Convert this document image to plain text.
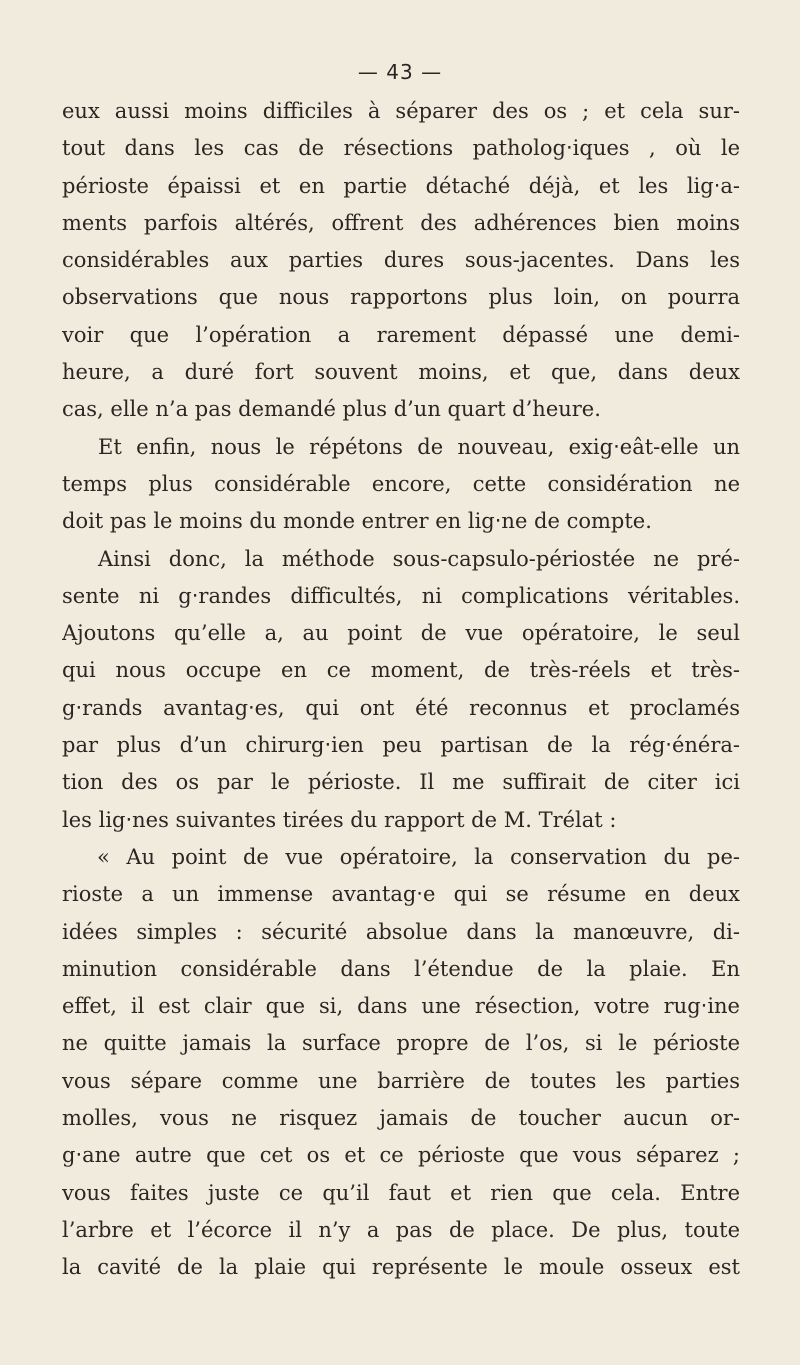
— 43 —
eux aussi moins difficiles à séparer des os ; et cela sur-
tout dans les cas de résections patholog‧iques , où le
périoste épaissi et en partie détaché déjà, et les lig‧a-
ments parfois altérés, offrent des adhérences bien moins
considérables aux parties dures sous-jacentes. Dans les
observations que nous rapportons plus loin, on pourra
voir que l’opération a rarement dépassé une demi-
heure, a duré fort souvent moins, et que, dans deux
cas, elle n’a pas demandé plus d’un quart d’heure.
Et enfin, nous le répétons de nouveau, exig‧eât-elle un
temps plus considérable encore, cette considération ne
doit pas le moins du monde entrer en lig‧ne de compte.
Ainsi donc, la méthode sous-capsulo-périostée ne pré-
sente ni g‧randes difficultés, ni complications véritables.
Ajoutons qu’elle a, au point de vue opératoire, le seul
qui nous occupe en ce moment, de très-réels et très-
g‧rands avantag‧es, qui ont été reconnus et proclamés
par plus d’un chirurg‧ien peu partisan de la rég‧énéra-
tion des os par le périoste. Il me suffirait de citer ici
les lig‧nes suivantes tirées du rapport de M. Trélat :
« Au point de vue opératoire, la conservation du pe-
rioste a un immense avantag‧e qui se résume en deux
idées simples : sécurité absolue dans la manœuvre, di-
minution considérable dans l’étendue de la plaie. En
effet, il est clair que si, dans une résection, votre rug‧ine
ne quitte jamais la surface propre de l’os, si le périoste
vous sépare comme une barrière de toutes les parties
molles, vous ne risquez jamais de toucher aucun or-
g‧ane autre que cet os et ce périoste que vous séparez ;
vous faites juste ce qu’il faut et rien que cela. Entre
l’arbre et l’écorce il n’y a pas de place. De plus, toute
la cavité de la plaie qui représente le moule osseux est
